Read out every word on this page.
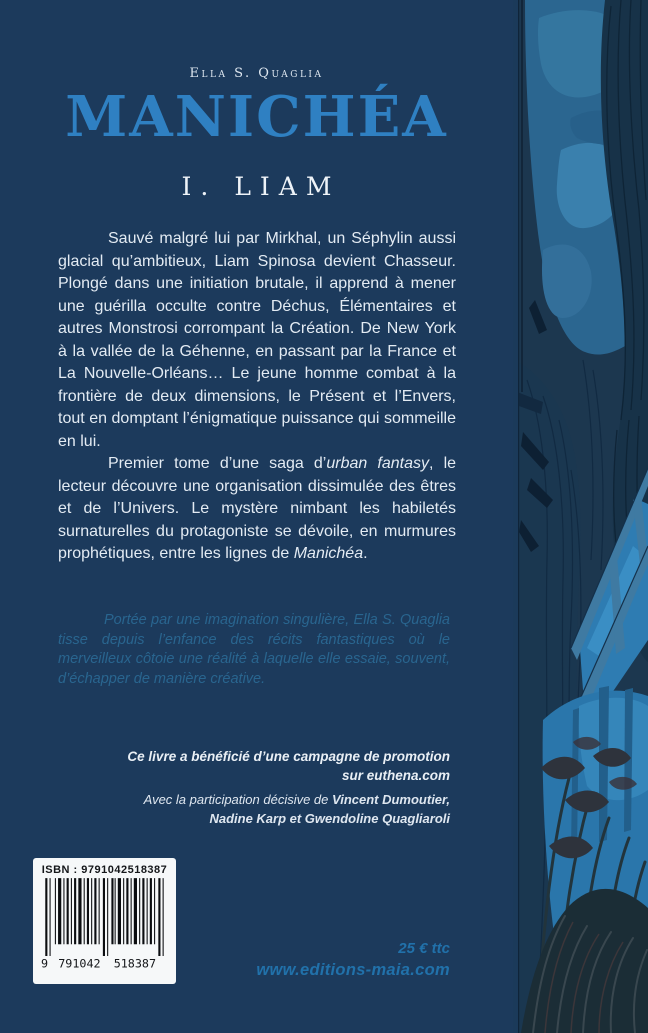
Ella S. Quaglia
MANICHÉA
I. LIAM

Sauvé malgré lui par Mirkhal, un Séphylin aussi glacial qu’ambitieux, Liam Spinosa devient Chasseur. Plongé dans une initiation brutale, il apprend à mener une guérilla occulte contre Déchus, Élémentaires et autres Monstrosi corrompant la Création. De New York à la vallée de la Géhenne, en passant par la France et La Nouvelle-Orléans… Le jeune homme combat à la frontière de deux dimensions, le Présent et l’Envers, tout en domptant l’énigmatique puissance qui sommeille en lui.

Premier tome d’une saga d’urban fantasy, le lecteur découvre une organisation dissimulée des êtres et de l’Univers. Le mystère nimbant les habiletés surnaturelles du protagoniste se dévoile, en murmures prophétiques, entre les lignes de Manichéa.

Portée par une imagination singulière, Ella S. Quaglia tisse depuis l’enfance des récits fantastiques où le merveilleux côtoie une réalité à laquelle elle essaie, souvent, d’échapper de manière créative.
Ce livre a bénéficié d’une campagne de promotion
sur euthena.com
Avec la participation décisive de Vincent Dumoutier,
Nadine Karp et Gwendoline Quagliaroli
ISBN : 9791042518387
9 791042 518387
25 € ttc
www.editions-maia.com
